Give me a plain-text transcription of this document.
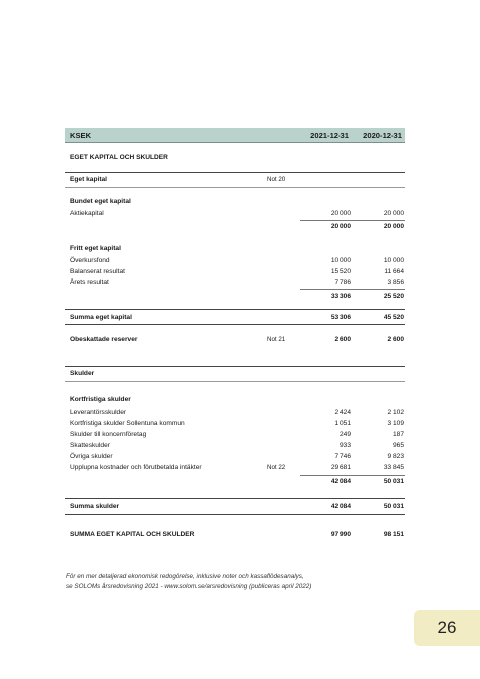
KSEK	2021-12-31 2020-12-31
EGET KAPITAL OCH SKULDER
Eget kapital	Not 20
Bundet eget kapital
Aktiekapital	20 000	20 000
20 000	20 000
Fritt eget kapital
Överkursfond	10 000	10 000
Balanserat resultat	15 520	11 664
Årets resultat	7 786	3 856
33 306	25 520
Summa eget kapital	53 306	45 520
Obeskattade reserver	Not 21	2 600	2 600
Skulder
Kortfristiga skulder
Leverantörsskulder	2 424	2 102
Kortfristiga skulder Sollentuna kommun	1 051	3 109
Skulder till koncernföretag	249	187
Skatteskulder	933	965
Övriga skulder	7 746	9 823
Upplupna kostnader och förutbetalda intäkter	Not 22	29 681	33 845
42 084	50 031
Summa skulder	42 084	50 031
SUMMA EGET KAPITAL OCH SKULDER	97 990	98 151
För en mer detaljerad ekonomisk redogörelse, inklusive noter och kassaflödesanalys,
se SOLOMs årsredovisning 2021 - www.solom.se/arsredovisning (publiceras april 2022)
26
